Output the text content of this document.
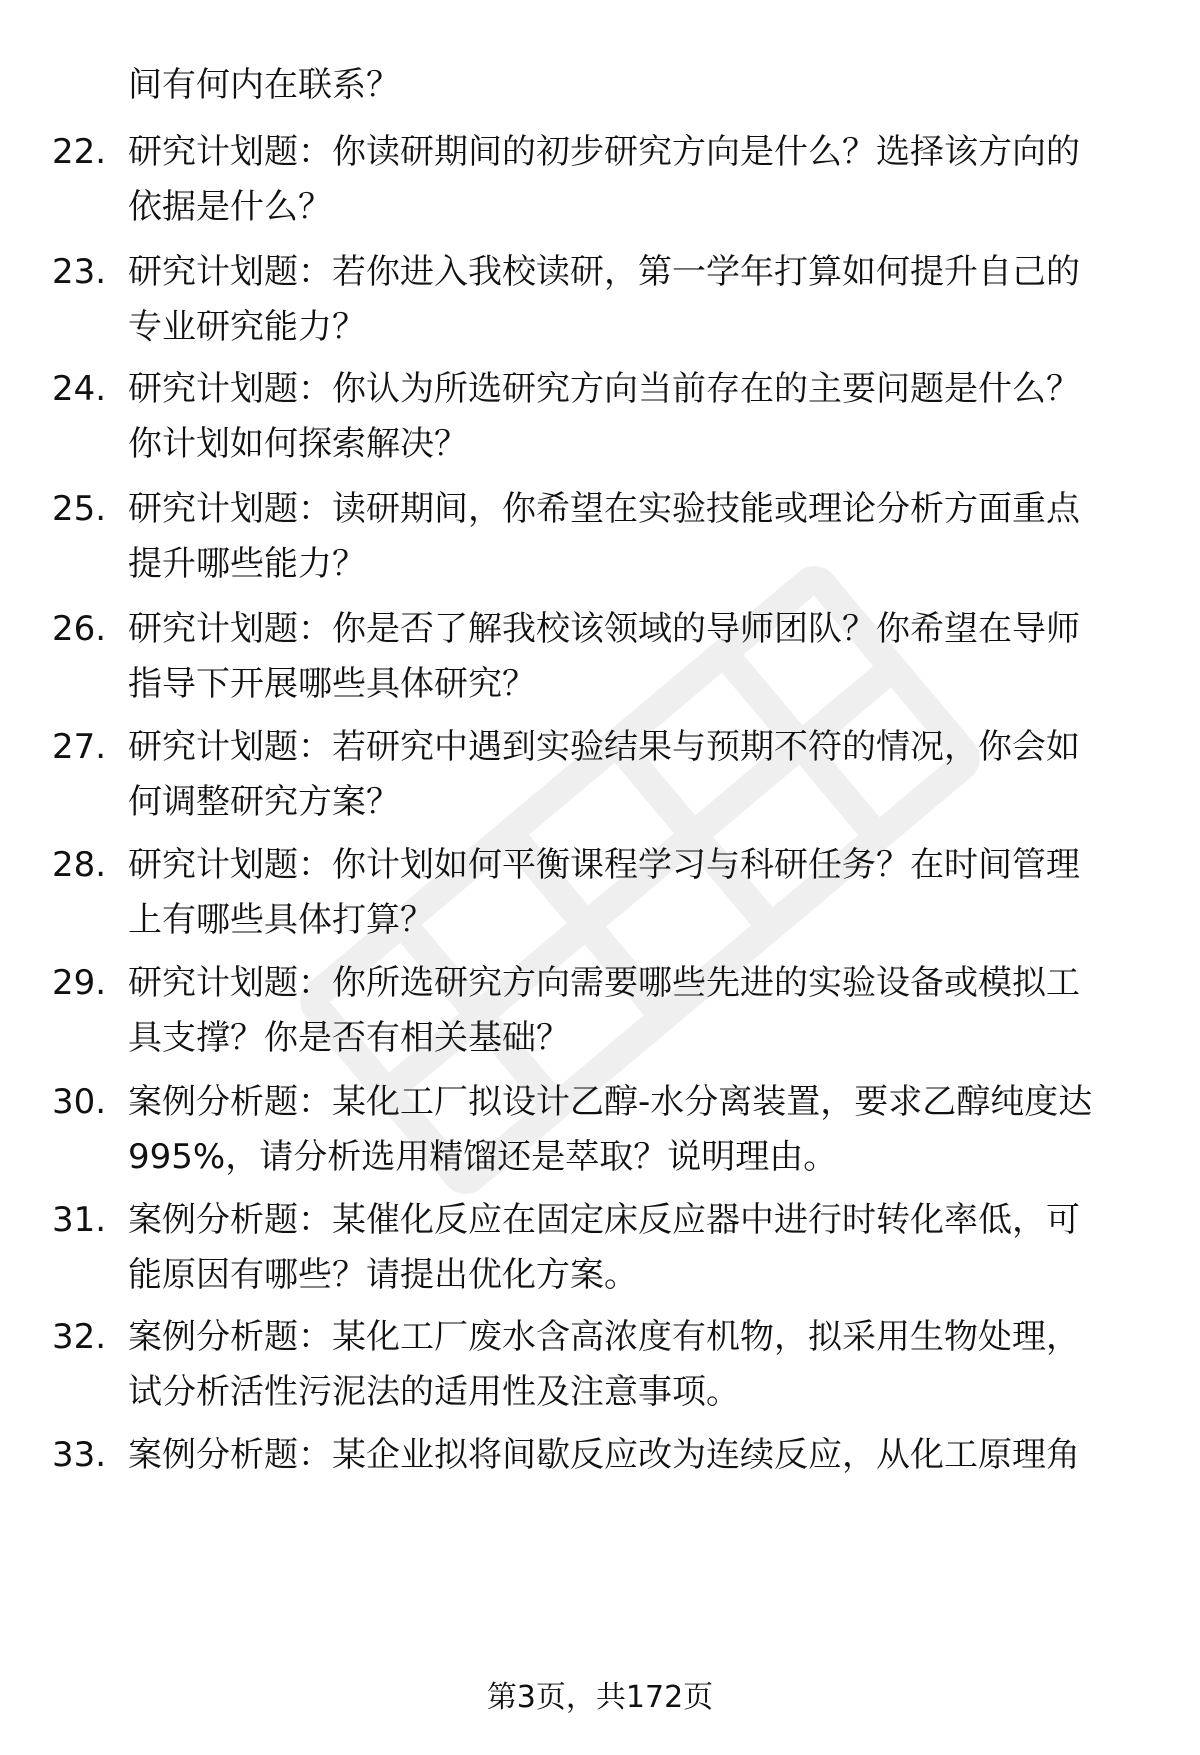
间有何内在联系？
22. 研究计划题：你读研期间的初步研究方向是什么？选择该方向的
依据是什么？
23. 研究计划题：若你进入我校读研，第一学年打算如何提升自己的
专业研究能力？
24. 研究计划题：你认为所选研究方向当前存在的主要问题是什么？
你计划如何探索解决？
25. 研究计划题：读研期间，你希望在实验技能或理论分析方面重点
提升哪些能力？
26. 研究计划题：你是否了解我校该领域的导师团队？你希望在导师
指导下开展哪些具体研究？
27. 研究计划题：若研究中遇到实验结果与预期不符的情况，你会如
何调整研究方案？
28. 研究计划题：你计划如何平衡课程学习与科研任务？在时间管理
上有哪些具体打算？
29. 研究计划题：你所选研究方向需要哪些先进的实验设备或模拟工
具支撑？你是否有相关基础？
30. 案例分析题：某化工厂拟设计乙醇-水分离装置，要求乙醇纯度达
995%，请分析选用精馏还是萃取？说明理由。
31. 案例分析题：某催化反应在固定床反应器中进行时转化率低，可
能原因有哪些？请提出优化方案。
32. 案例分析题：某化工厂废水含高浓度有机物，拟采用生物处理，
试分析活性污泥法的适用性及注意事项。
33. 案例分析题：某企业拟将间歇反应改为连续反应，从化工原理角
第3页，共172页
